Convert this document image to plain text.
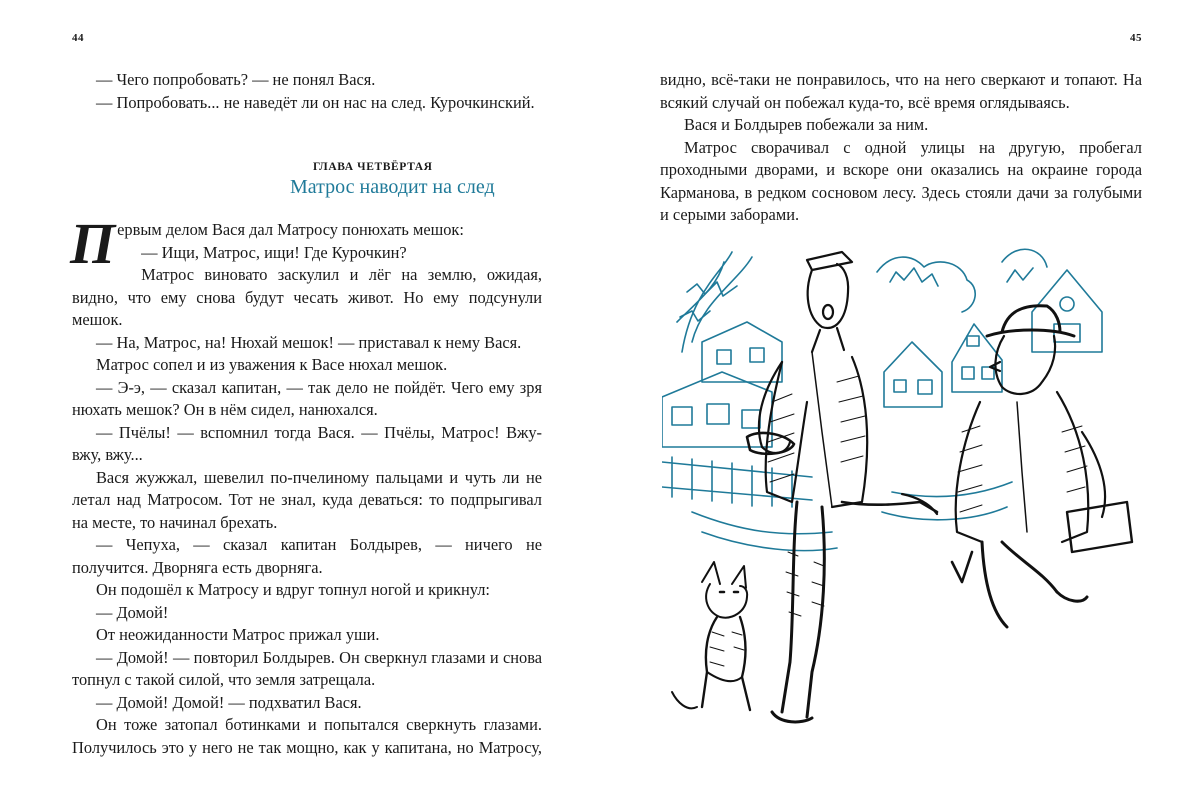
44

— Чего попробовать? — не понял Вася.

— Попробовать... не наведёт ли он нас на след. Курочкинский.

ГЛАВА ЧЕТВЁРТАЯ
Матрос наводит на след

Первым делом Вася дал Матросу понюхать мешок:

— Ищи, Матрос, ищи! Где Курочкин?

Матрос виновато заскулил и лёг на землю, ожидая, видно, что ему снова будут чесать живот. Но ему подсунули мешок.

— На, Матрос, на! Нюхай мешок! — приставал к нему Вася.

Матрос сопел и из уважения к Васе нюхал мешок.

— Э-э, — сказал капитан, — так дело не пойдёт. Чего ему зря нюхать мешок? Он в нём сидел, нанюхался.

— Пчёлы! — вспомнил тогда Вася. — Пчёлы, Матрос! Вжу-вжу, вжу...

Вася жужжал, шевелил по-пчелиному пальцами и чуть ли не летал над Матросом. Тот не знал, куда деваться: то подпрыгивал на месте, то начинал брехать.

— Чепуха, — сказал капитан Болдырев, — ничего не получится. Дворняга есть дворняга.

Он подошёл к Матросу и вдруг топнул ногой и крикнул:

— Домой!

От неожиданности Матрос прижал уши.

— Домой! — повторил Болдырев. Он сверкнул глазами и снова топнул с такой силой, что земля затрещала.

— Домой! Домой! — подхватил Вася.

Он тоже затопал ботинками и попытался сверкнуть глазами. Получилось это у него не так мощно, как у капитана, но Матросу,

45

видно, всё-таки не понравилось, что на него сверкают и топают. На всякий случай он побежал куда-то, всё время оглядываясь.

Вася и Болдырев побежали за ним.

Матрос сворачивал с одной улицы на другую, пробегал проходными дворами, и вскоре они оказались на окраине города Карманова, в редком сосновом лесу. Здесь стояли дачи за голубыми и серыми заборами.
